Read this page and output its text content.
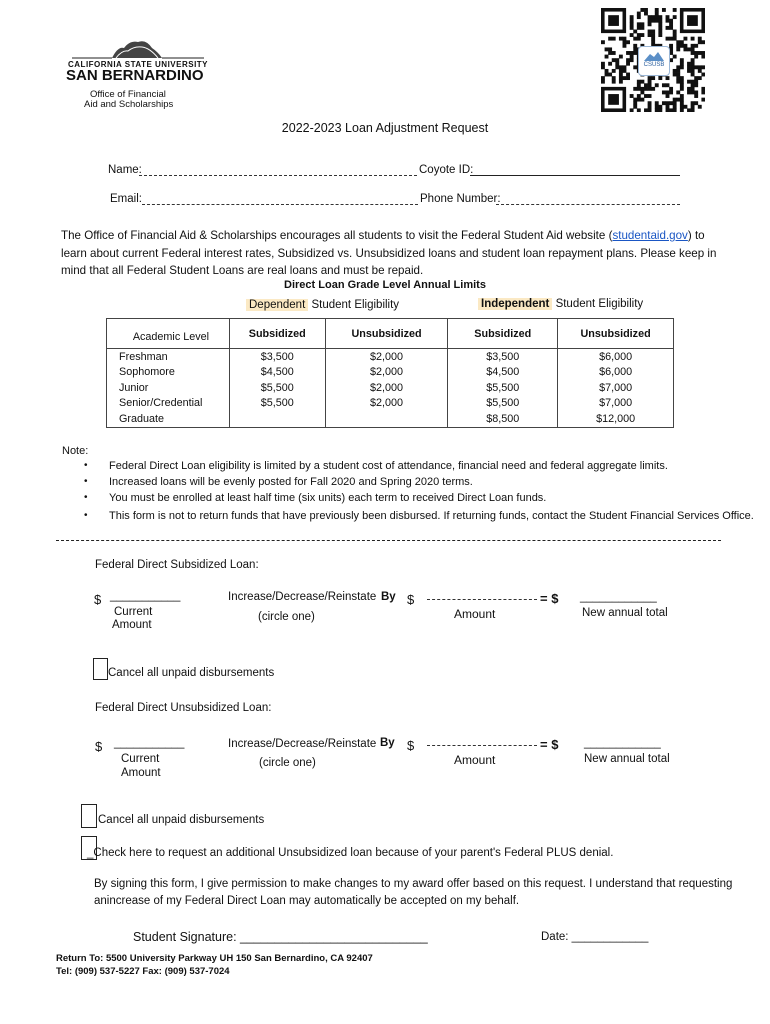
CALIFORNIA STATE UNIVERSITY
SAN BERNARDINO
Office of Financial
Aid and Scholarships
CSUSB
2022-2023 Loan Adjustment Request
Name:	Coyote ID:
Email:	Phone Number:
The Office of Financial Aid & Scholarships encourages all students to visit the Federal Student Aid website (studentaid.gov) to learn about current Federal interest rates, Subsidized vs. Unsubsidized loans and student loan repayment plans. Please keep in mind that all Federal Student Loans are real loans and must be repaid.
Direct Loan Grade Level Annual Limits
Dependent Student Eligibility	Independent Student Eligibility
Academic Level	Subsidized	Unsubsidized	Subsidized	Unsubsidized
Freshman	$3,500	$2,000	$3,500	$6,000
Sophomore	$4,500	$2,000	$4,500	$6,000
Junior	$5,500	$2,000	$5,500	$7,000
Senior/Credential	$5,500	$2,000	$5,500	$7,000
Graduate			$8,500	$12,000
Note:
• Federal Direct Loan eligibility is limited by a student cost of attendance, financial need and federal aggregate limits.
• Increased loans will be evenly posted for Fall 2020 and Spring 2020 terms.
• You must be enrolled at least half time (six units) each term to received Direct Loan funds.
• This form is not to return funds that have previously been disbursed. If returning funds, contact the Student Financial Services Office.
Federal Direct Subsidized Loan:
$ ___________
Current
Amount
Increase/Decrease/Reinstate
(circle one)
By $
Amount
= $ ____________
New annual total
Cancel all unpaid disbursements
Federal Direct Unsubsidized Loan:
$ ___________
Current
Amount
Increase/Decrease/Reinstate
(circle one)
By $
Amount
= $ ____________
New annual total
Cancel all unpaid disbursements
_Check here to request an additional Unsubsidized loan because of your parent's Federal PLUS denial.
By signing this form, I give permission to make changes to my award offer based on this request. I understand that requesting
anincrease of my Federal Direct Loan may automatically be accepted on my behalf.
Student Signature: ___________________________	Date: ____________
Return To: 5500 University Parkway UH 150 San Bernardino, CA 92407
Tel: (909) 537-5227 Fax: (909) 537-7024
